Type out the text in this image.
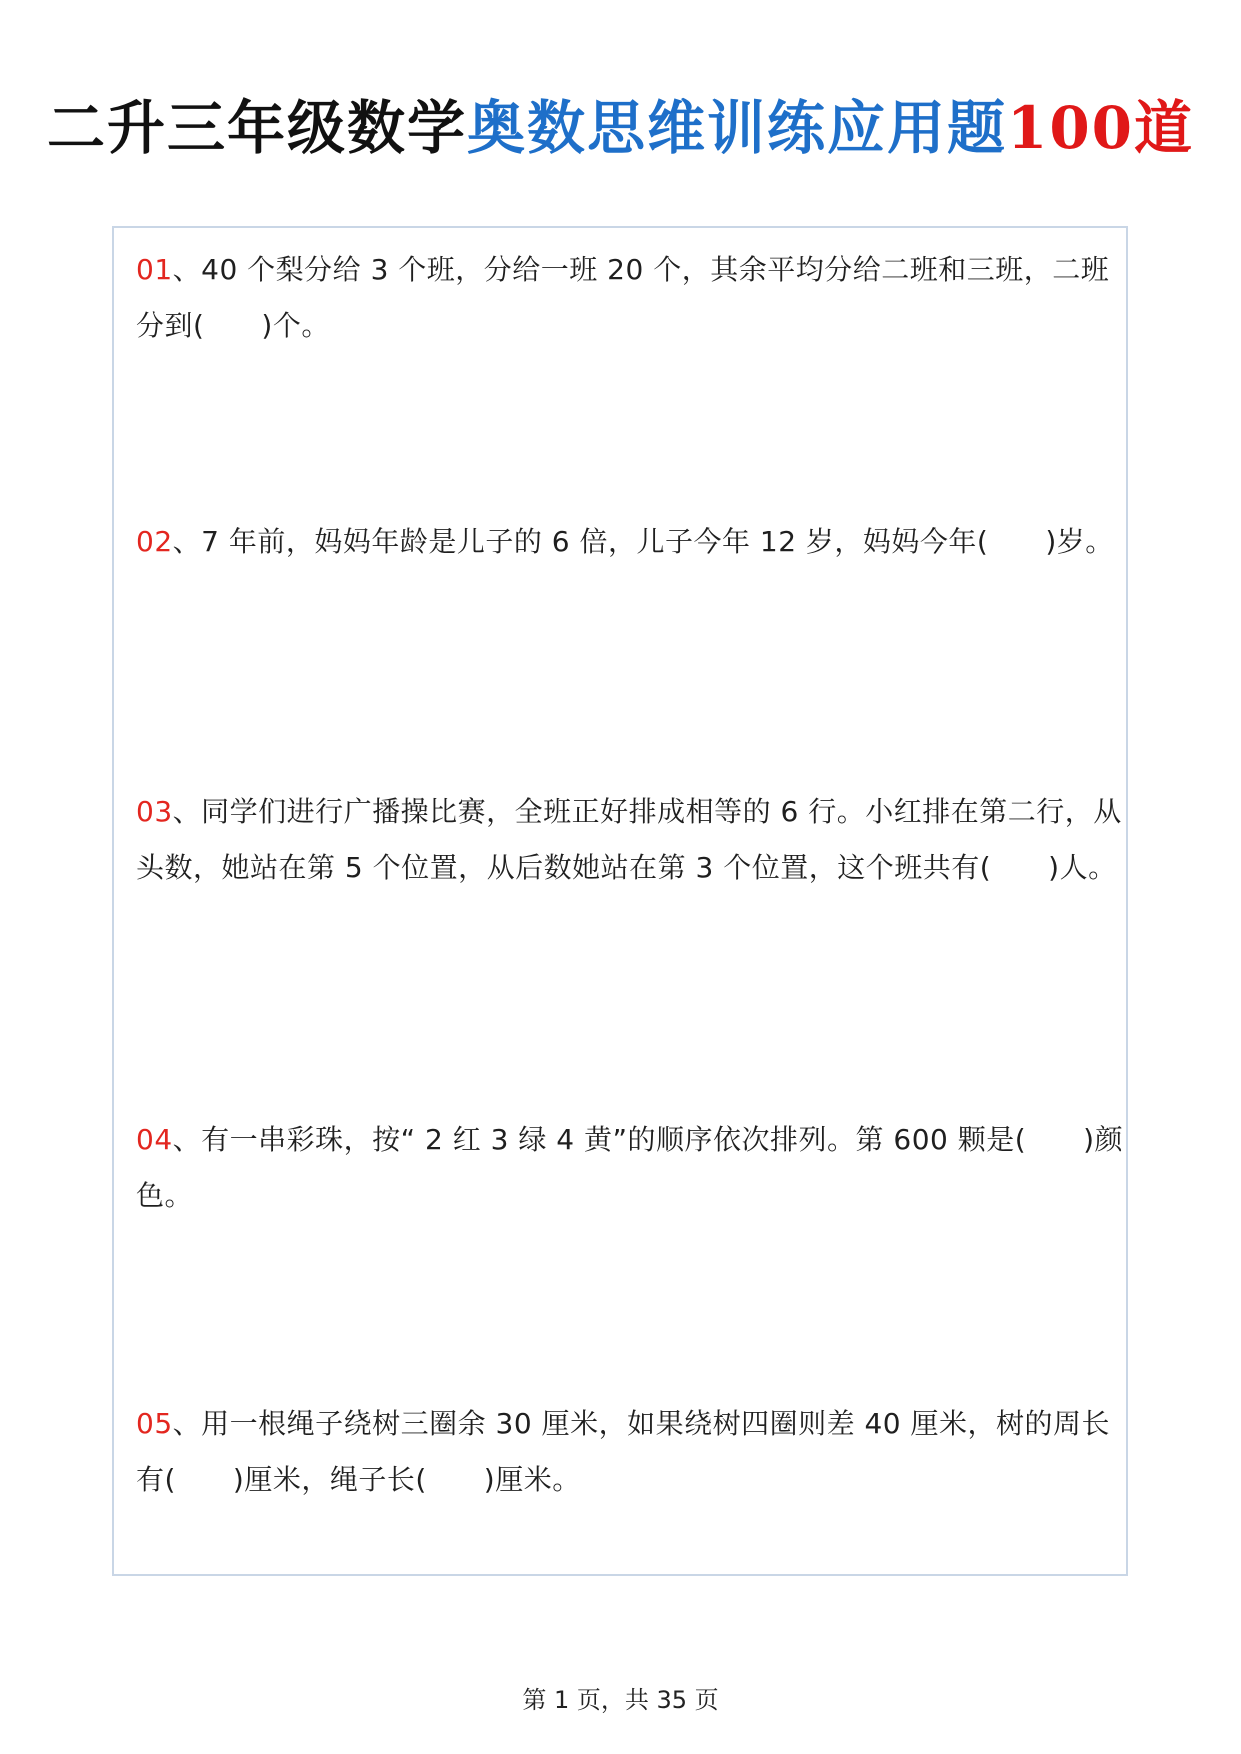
二升三年级数学奥数思维训练应用题100道
01、40 个梨分给 3 个班，分给一班 20 个，其余平均分给二班和三班，二班分到(　　)个。
02、7 年前，妈妈年龄是儿子的 6 倍，儿子今年 12 岁，妈妈今年(　　)岁。
03、同学们进行广播操比赛，全班正好排成相等的 6 行。小红排在第二行，从头数，她站在第 5 个位置，从后数她站在第 3 个位置，这个班共有(　　)人。
04、有一串彩珠，按“ 2 红 3 绿 4 黄”的顺序依次排列。第 600 颗是(　　)颜色。
05、用一根绳子绕树三圈余 30 厘米，如果绕树四圈则差 40 厘米，树的周长有(　　)厘米，绳子长(　　)厘米。
第 1 页，共 35 页
